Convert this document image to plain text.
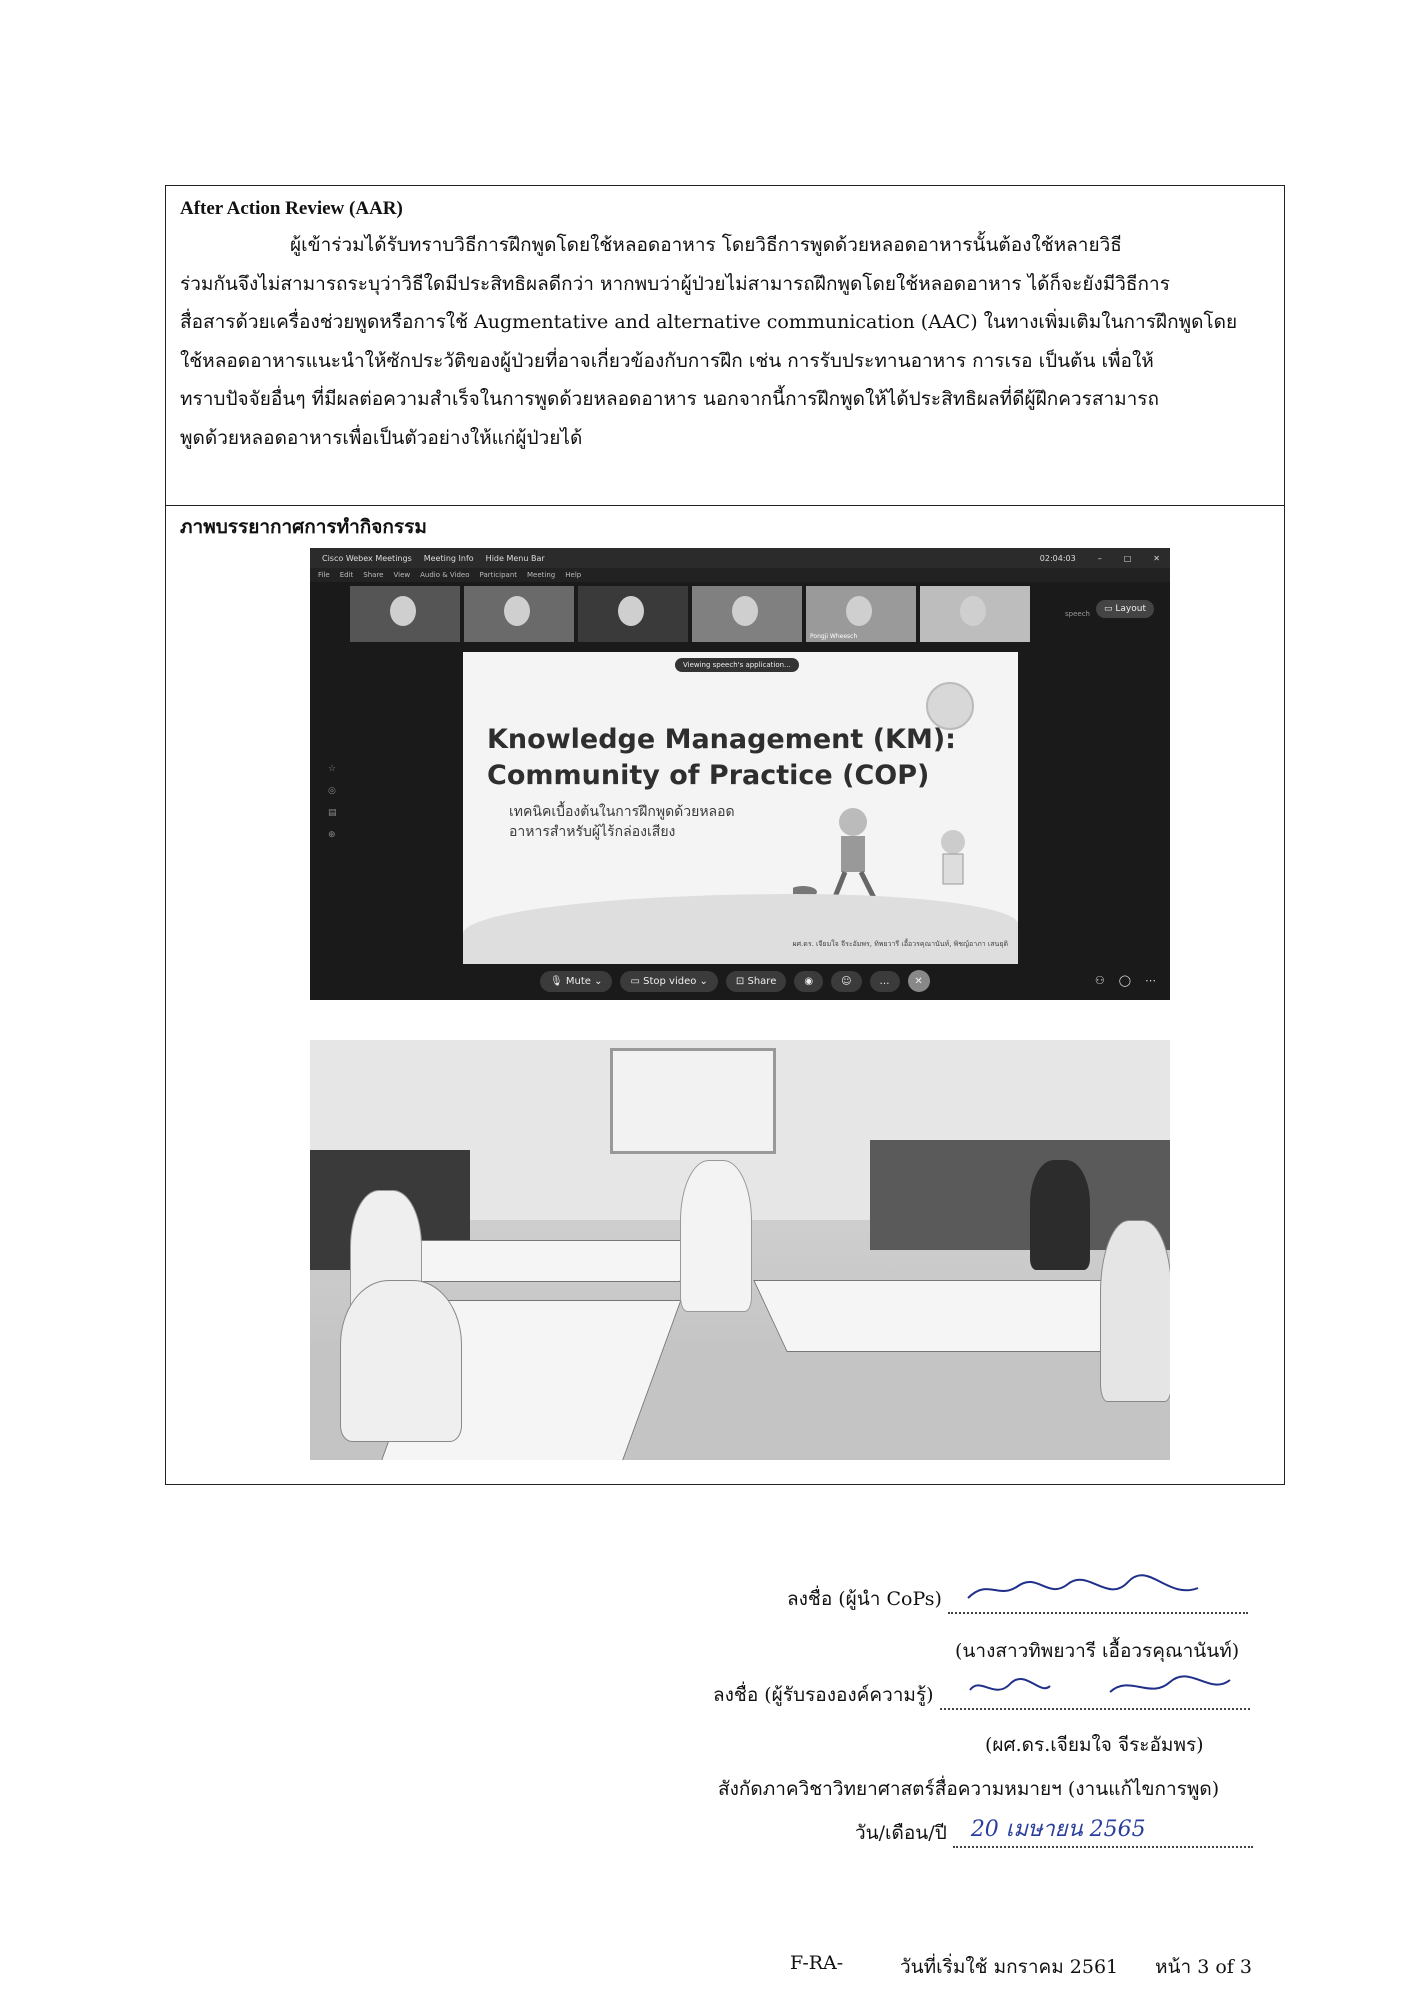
After Action Review (AAR)
ผู้เข้าร่วมได้รับทราบวิธีการฝึกพูดโดยใช้หลอดอาหาร โดยวิธีการพูดด้วยหลอดอาหารนั้นต้องใช้หลายวิธี
ร่วมกันจึงไม่สามารถระบุว่าวิธีใดมีประสิทธิผลดีกว่า หากพบว่าผู้ป่วยไม่สามารถฝึกพูดโดยใช้หลอดอาหาร ได้ก็จะยังมีวิธีการ
สื่อสารด้วยเครื่องช่วยพูดหรือการใช้ Augmentative and alternative communication (AAC) ในทางเพิ่มเติมในการฝึกพูดโดย
ใช้หลอดอาหารแนะนำให้ซักประวัติของผู้ป่วยที่อาจเกี่ยวข้องกับการฝึก เช่น การรับประทานอาหาร การเรอ เป็นต้น เพื่อให้
ทราบปัจจัยอื่นๆ ที่มีผลต่อความสำเร็จในการพูดด้วยหลอดอาหาร นอกจากนี้การฝึกพูดให้ได้ประสิทธิผลที่ดีผู้ฝึกควรสามารถ
พูดด้วยหลอดอาหารเพื่อเป็นตัวอย่างให้แก่ผู้ป่วยได้
ภาพบรรยากาศการทำกิจกรรม
Cisco Webex Meetings Meeting Info Hide Menu Bar	02:04:03	–	□	✕
File Edit Share View Audio & Video Participant Meeting Help
Pongji Wheesch
speech	▭ Layout
Viewing speech's application...
☆
◎
▤
⊕
Knowledge Management (KM):
Community of Practice (COP)
เทคนิคเบื้องต้นในการฝึกพูดด้วยหลอด
อาหารสำหรับผู้ไร้กล่องเสียง
ผศ.ดร. เจียมใจ จีระอัมพร, ทิพยวารี เอื้อวรคุณานันท์, พิชญ์อาภา เสนยุติ
🎙 Mute ⌄	▭ Stop video ⌄	⊡ Share	◉	☺	…	✕	⚇ ◯ ⋯
ลงชื่อ (ผู้นำ CoPs)
(นางสาวทิพยวารี เอื้อวรคุณานันท์)
ลงชื่อ (ผู้รับรององค์ความรู้)
(ผศ.ดร.เจียมใจ จีระอัมพร)
สังกัดภาควิชาวิทยาศาสตร์สื่อความหมายฯ (งานแก้ไขการพูด)
วัน/เดือน/ปี 20 เมษายน 2565
F-RA-	วันที่เริ่มใช้ มกราคม 2561 หน้า 3 of 3
